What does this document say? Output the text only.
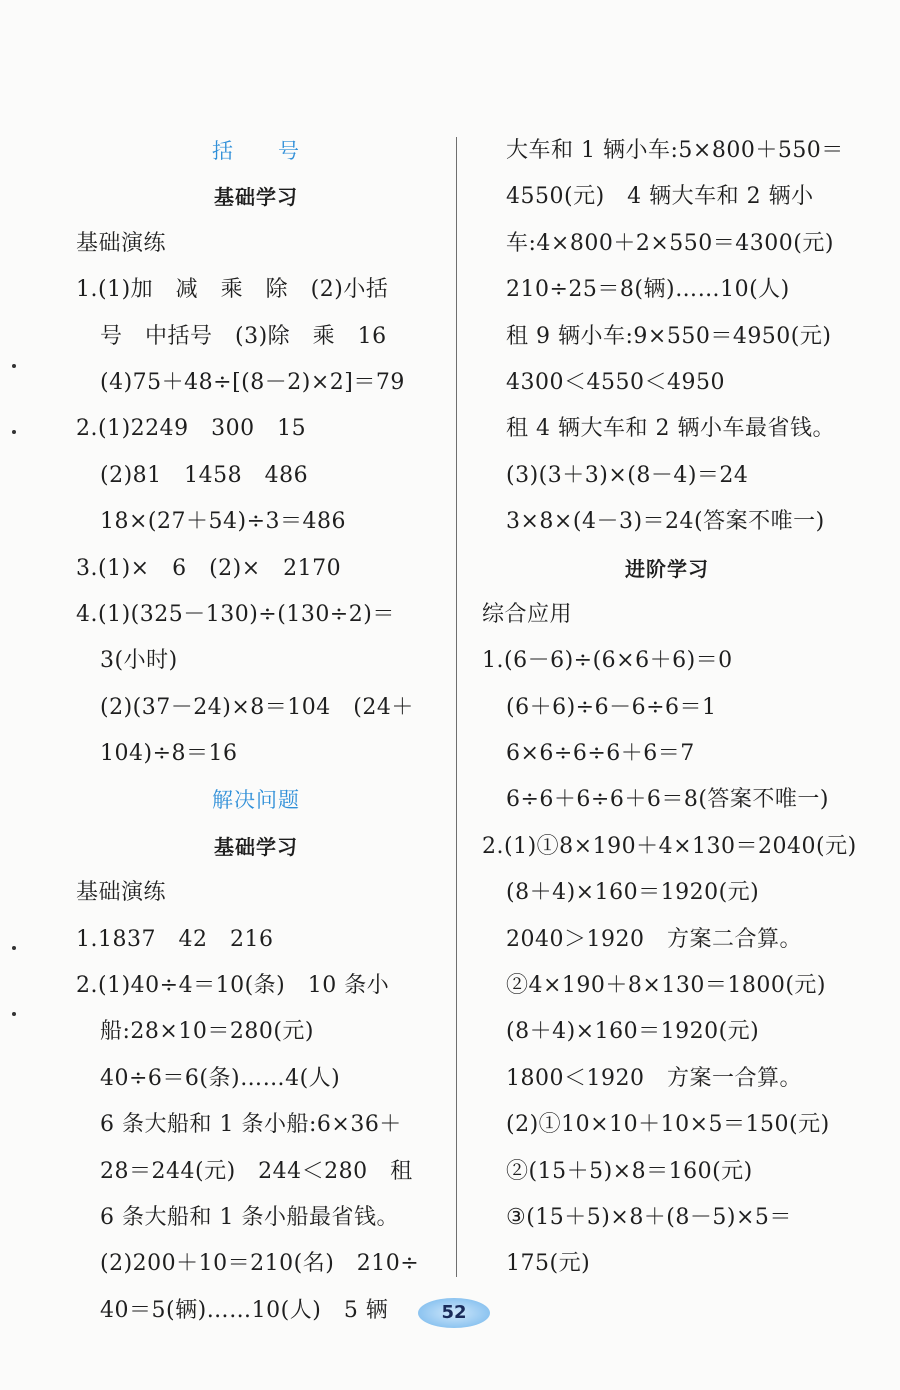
括　　号
基础学习
基础演练
1.(1)加　减　乘　除　(2)小括
号　中括号　(3)除　乘　16
(4)75＋48÷[(8－2)×2]＝79
2.(1)2249　300　15
(2)81　1458　486
18×(27＋54)÷3＝486
3.(1)×　6　(2)×　2170
4.(1)(325－130)÷(130÷2)＝
3(小时)
(2)(37－24)×8＝104　(24＋
104)÷8＝16
解决问题
基础学习
基础演练
1.1837　42　216
2.(1)40÷4＝10(条)　10 条小
船:28×10＝280(元)
40÷6＝6(条)……4(人)
6 条大船和 1 条小船:6×36＋
28＝244(元)　244＜280　租
6 条大船和 1 条小船最省钱。
(2)200＋10＝210(名)　210÷
40＝5(辆)……10(人)　5 辆
大车和 1 辆小车:5×800＋550＝
4550(元)　4 辆大车和 2 辆小
车:4×800＋2×550＝4300(元)
210÷25＝8(辆)……10(人)
租 9 辆小车:9×550＝4950(元)
4300＜4550＜4950
租 4 辆大车和 2 辆小车最省钱。
(3)(3＋3)×(8－4)＝24
3×8×(4－3)＝24(答案不唯一)
进阶学习
综合应用
1.(6－6)÷(6×6＋6)＝0
(6＋6)÷6－6÷6＝1
6×6÷6÷6＋6＝7
6÷6＋6÷6＋6＝8(答案不唯一)
2.(1)①8×190＋4×130＝2040(元)
(8＋4)×160＝1920(元)
2040＞1920　方案二合算。
②4×190＋8×130＝1800(元)
(8＋4)×160＝1920(元)
1800＜1920　方案一合算。
(2)①10×10＋10×5＝150(元)
②(15＋5)×8＝160(元)
③(15＋5)×8＋(8－5)×5＝
175(元)
52
